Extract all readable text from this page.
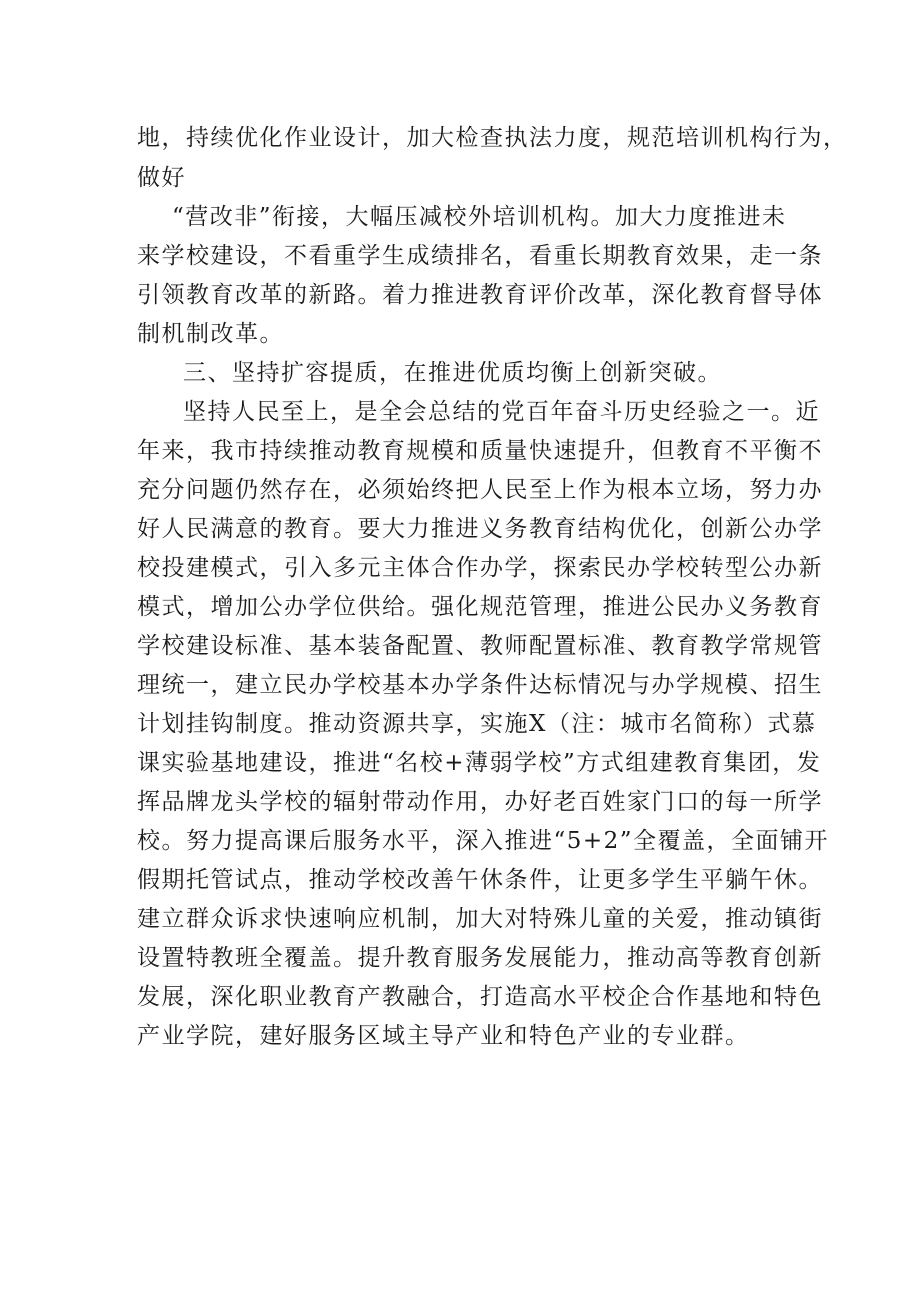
地，持续优化作业设计，加大检查执法力度，规范培训机构行为，

做好

“营改非”衔接，大幅压减校外培训机构。加大力度推进未

来学校建设，不看重学生成绩排名，看重长期教育效果，走一条

引领教育改革的新路。着力推进教育评价改革，深化教育督导体

制机制改革。

三、坚持扩容提质，在推进优质均衡上创新突破。

坚持人民至上，是全会总结的党百年奋斗历史经验之一。近

年来，我市持续推动教育规模和质量快速提升，但教育不平衡不

充分问题仍然存在，必须始终把人民至上作为根本立场，努力办

好人民满意的教育。要大力推进义务教育结构优化，创新公办学

校投建模式，引入多元主体合作办学，探索民办学校转型公办新

模式，增加公办学位供给。强化规范管理，推进公民办义务教育

学校建设标准、基本装备配置、教师配置标准、教育教学常规管

理统一，建立民办学校基本办学条件达标情况与办学规模、招生

计划挂钩制度。推动资源共享，实施X（注：城市名简称）式慕

课实验基地建设，推进“名校+薄弱学校”方式组建教育集团，发

挥品牌龙头学校的辐射带动作用，办好老百姓家门口的每一所学

校。努力提高课后服务水平，深入推进“5+2”全覆盖，全面铺开

假期托管试点，推动学校改善午休条件，让更多学生平躺午休。

建立群众诉求快速响应机制，加大对特殊儿童的关爱，推动镇街

设置特教班全覆盖。提升教育服务发展能力，推动高等教育创新

发展，深化职业教育产教融合，打造高水平校企合作基地和特色

产业学院，建好服务区域主导产业和特色产业的专业群。
